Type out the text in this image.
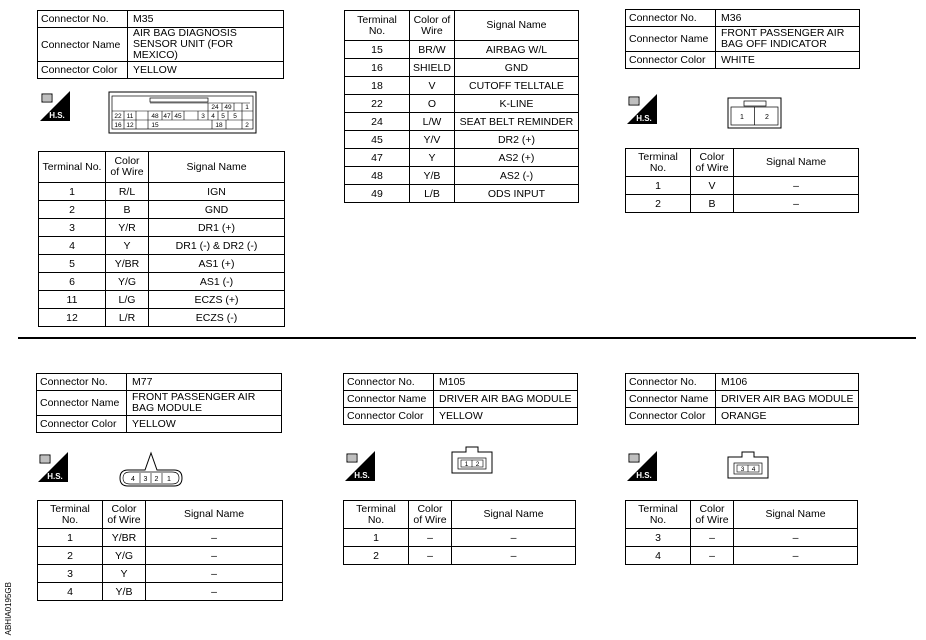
Connector No.	M35
Connector Name	AIR BAG DIAGNOSIS SENSOR UNIT (FOR MEXICO)
Connector Color	YELLOW
H.S.
24 49 1
22 11	48 47 45	3 4 5 5
16 12	15	18	2
Terminal No.	Color of Wire	Signal Name
1	R/L	IGN
2	B	GND
3	Y/R	DR1 (+)
4	Y	DR1 (-) & DR2 (-)
5	Y/BR	AS1 (+)
6	Y/G	AS1 (-)
11	L/G	ECZS (+)
12	L/R	ECZS (-)
Terminal No.	Color of Wire	Signal Name
15	BR/W	AIRBAG W/L
16	SHIELD	GND
18	V	CUTOFF TELLTALE
22	O	K-LINE
24	L/W	SEAT BELT REMINDER
45	Y/V	DR2 (+)
47	Y	AS2 (+)
48	Y/B	AS2 (-)
49	L/B	ODS INPUT
Connector No.	M36
Connector Name	FRONT PASSENGER AIR BAG OFF INDICATOR
Connector Color	WHITE
H.S.	1	2
Terminal No.	Color of Wire	Signal Name
1	V	–
2	B	–
Connector No.	M77
Connector Name	FRONT PASSENGER AIR BAG MODULE
Connector Color	YELLOW
H.S.	4 3 2 1
Terminal No.	Color of Wire	Signal Name
1	Y/BR	–
2	Y/G	–
3	Y	–
4	Y/B	–
Connector No.	M105
Connector Name	DRIVER AIR BAG MODULE
Connector Color	YELLOW
H.S.
1 2
Terminal No.	Color of Wire	Signal Name
1	–	–
2	–	–
Connector No.	M106
Connector Name	DRIVER AIR BAG MODULE
Connector Color	ORANGE
H.S.
3 4
Terminal No.	Color of Wire	Signal Name
3	–	–
4	–	–
ABHIA0195GB
